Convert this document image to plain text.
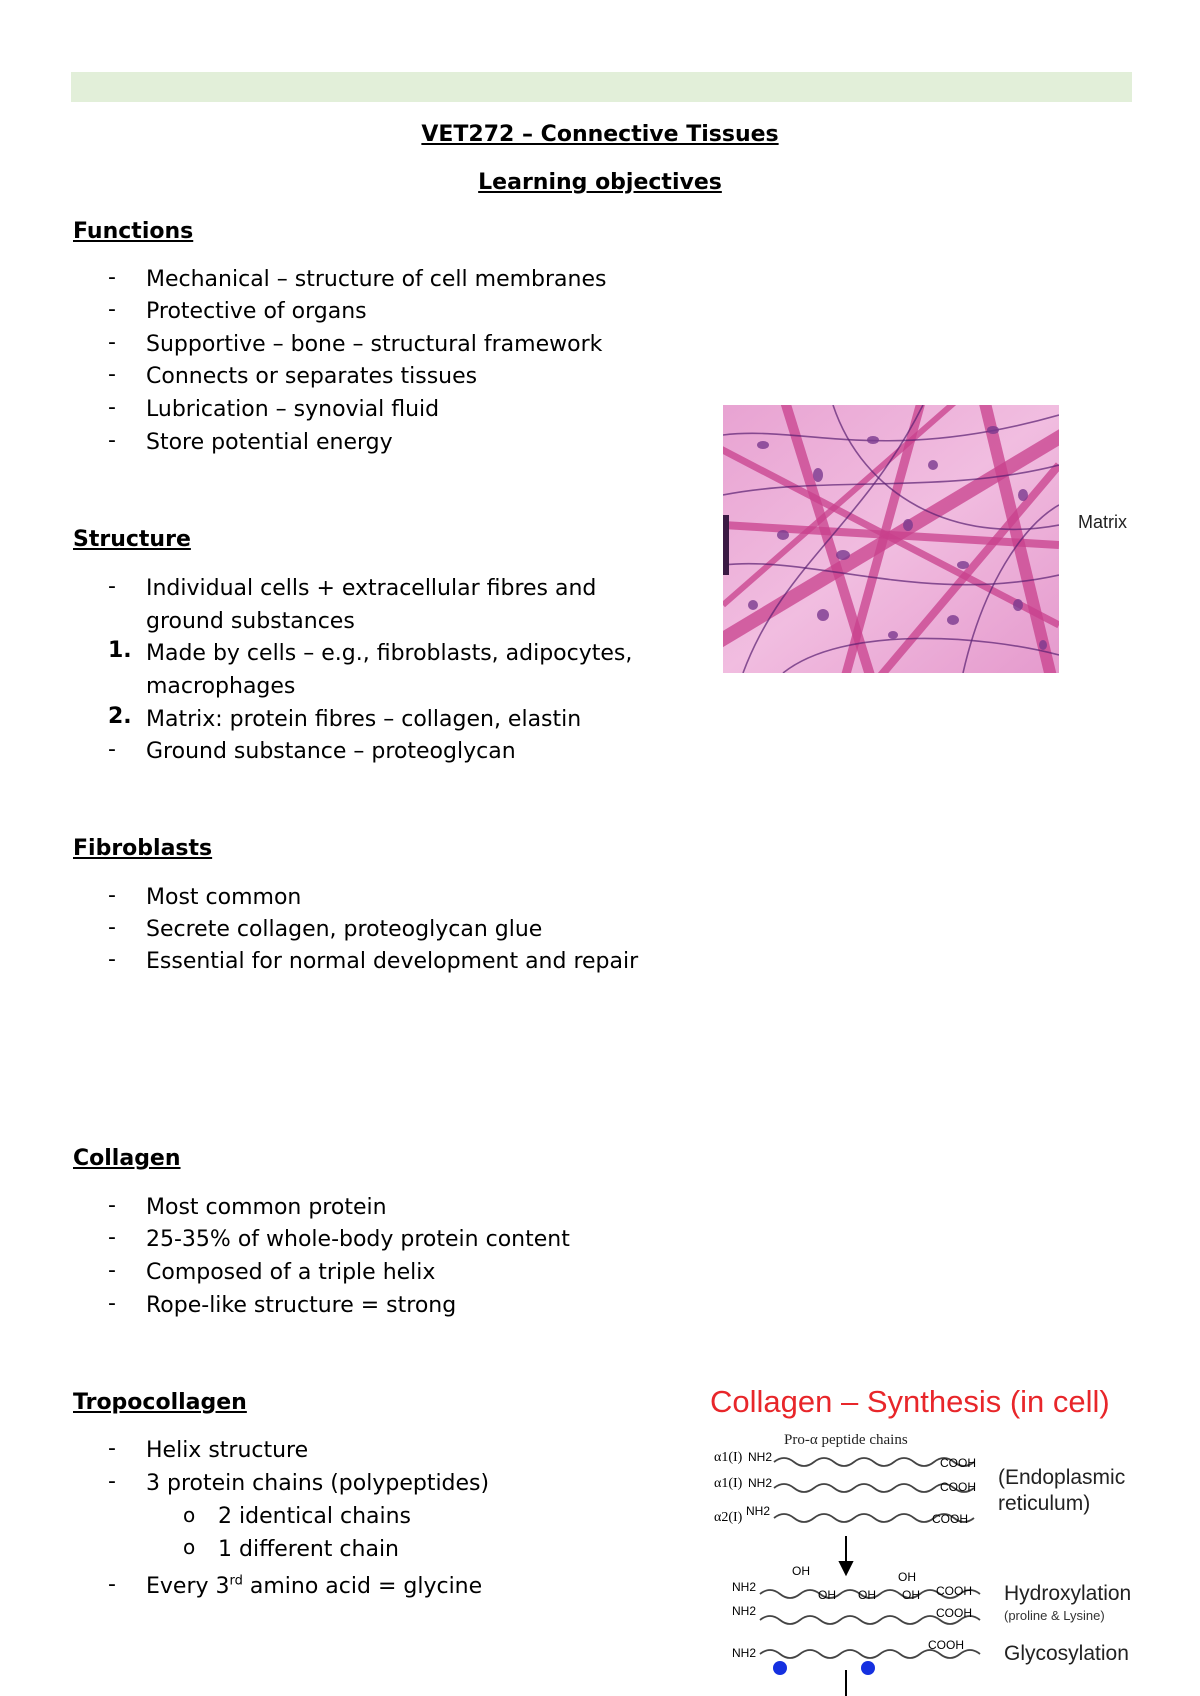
VET272 – Connective Tissues
Learning objectives
Functions
-	Mechanical – structure of cell membranes
-	Protective of organs
-	Supportive – bone – structural framework
-	Connects or separates tissues
-	Lubrication – synovial fluid
-	Store potential energy
Structure
-	Individual cells + extracellular fibres and
ground substances
1. Made by cells – e.g., fibroblasts, adipocytes,
macrophages
2. Matrix: protein fibres – collagen, elastin
-	Ground substance – proteoglycan
Matrix
Fibroblasts
-	Most common
-	Secrete collagen, proteoglycan glue
-	Essential for normal development and repair
Collagen
-	Most common protein
-	25-35% of whole-body protein content
-	Composed of a triple helix
-	Rope-like structure = strong
Tropocollagen
-	Helix structure
-	3 protein chains (polypeptides)
o 2 identical chains
o 1 different chain
-	Every 3rd amino acid = glycine
Collagen – Synthesis (in cell)
Pro-α peptide chains
α1(I)
α1(I)
α2(I)
NH2
NH2
NH2
COOH
COOH
COOH
(Endoplasmic
reticulum)
OH	OH
OH OH OH
NH2
NH2
NH2
COOH
COOH
COOH
Hydroxylation
(proline & Lysine)
Glycosylation
